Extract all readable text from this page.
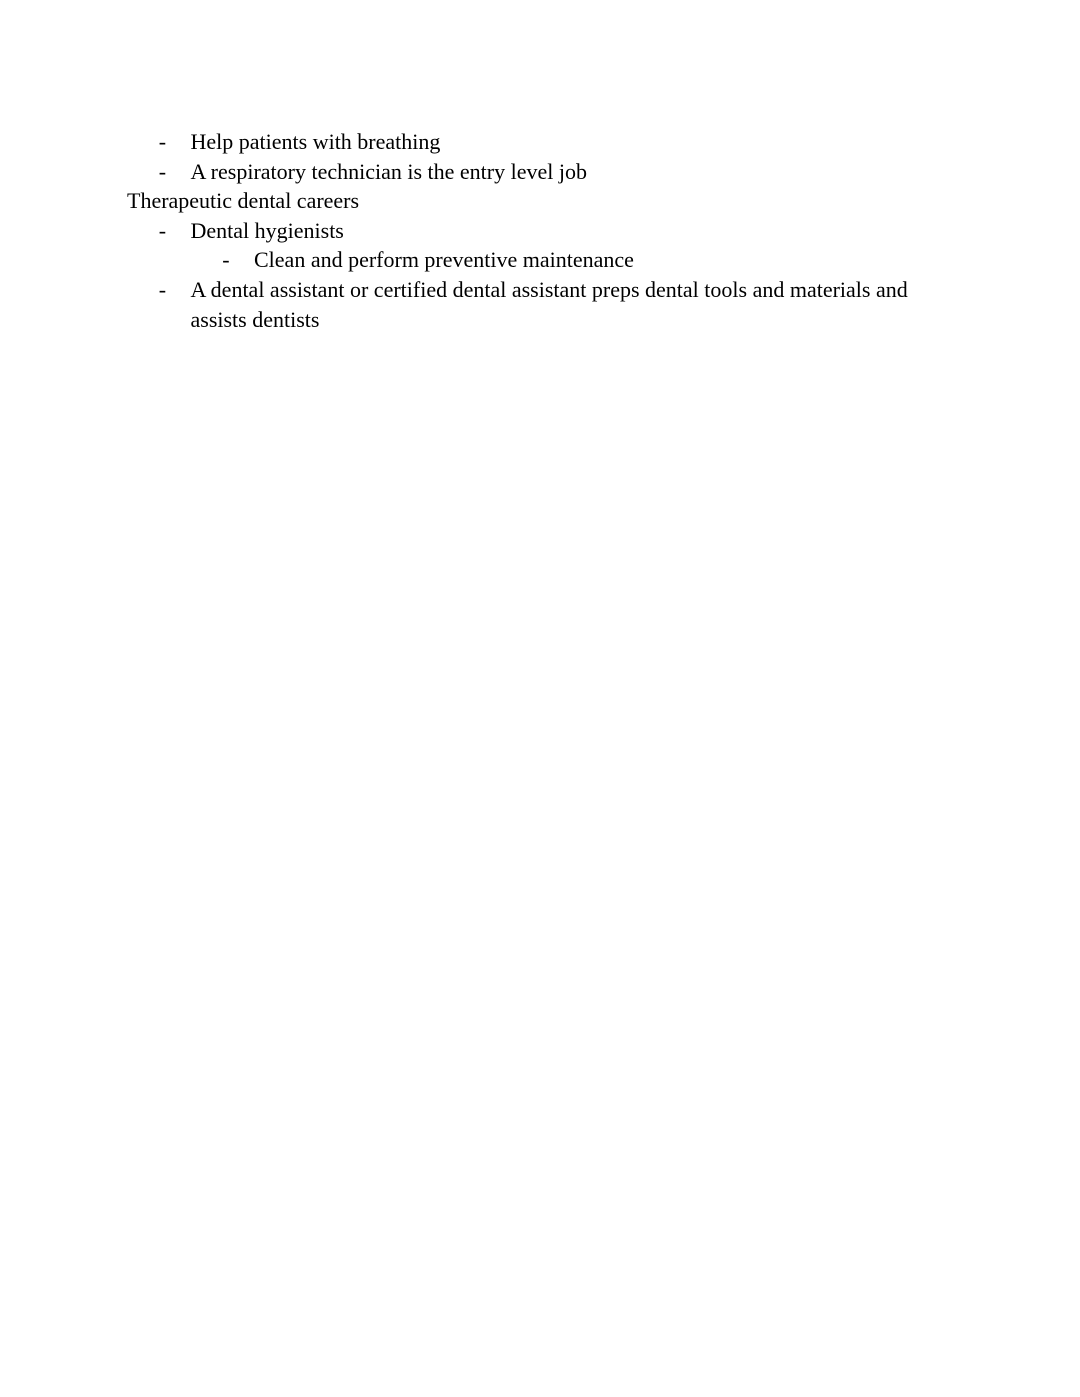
-	Help patients with breathing
-	A respiratory technician is the entry level job
Therapeutic dental careers
-	Dental hygienists
-	Clean and perform preventive maintenance
-	A dental assistant or certified dental assistant preps dental tools and materials and assists dentists
